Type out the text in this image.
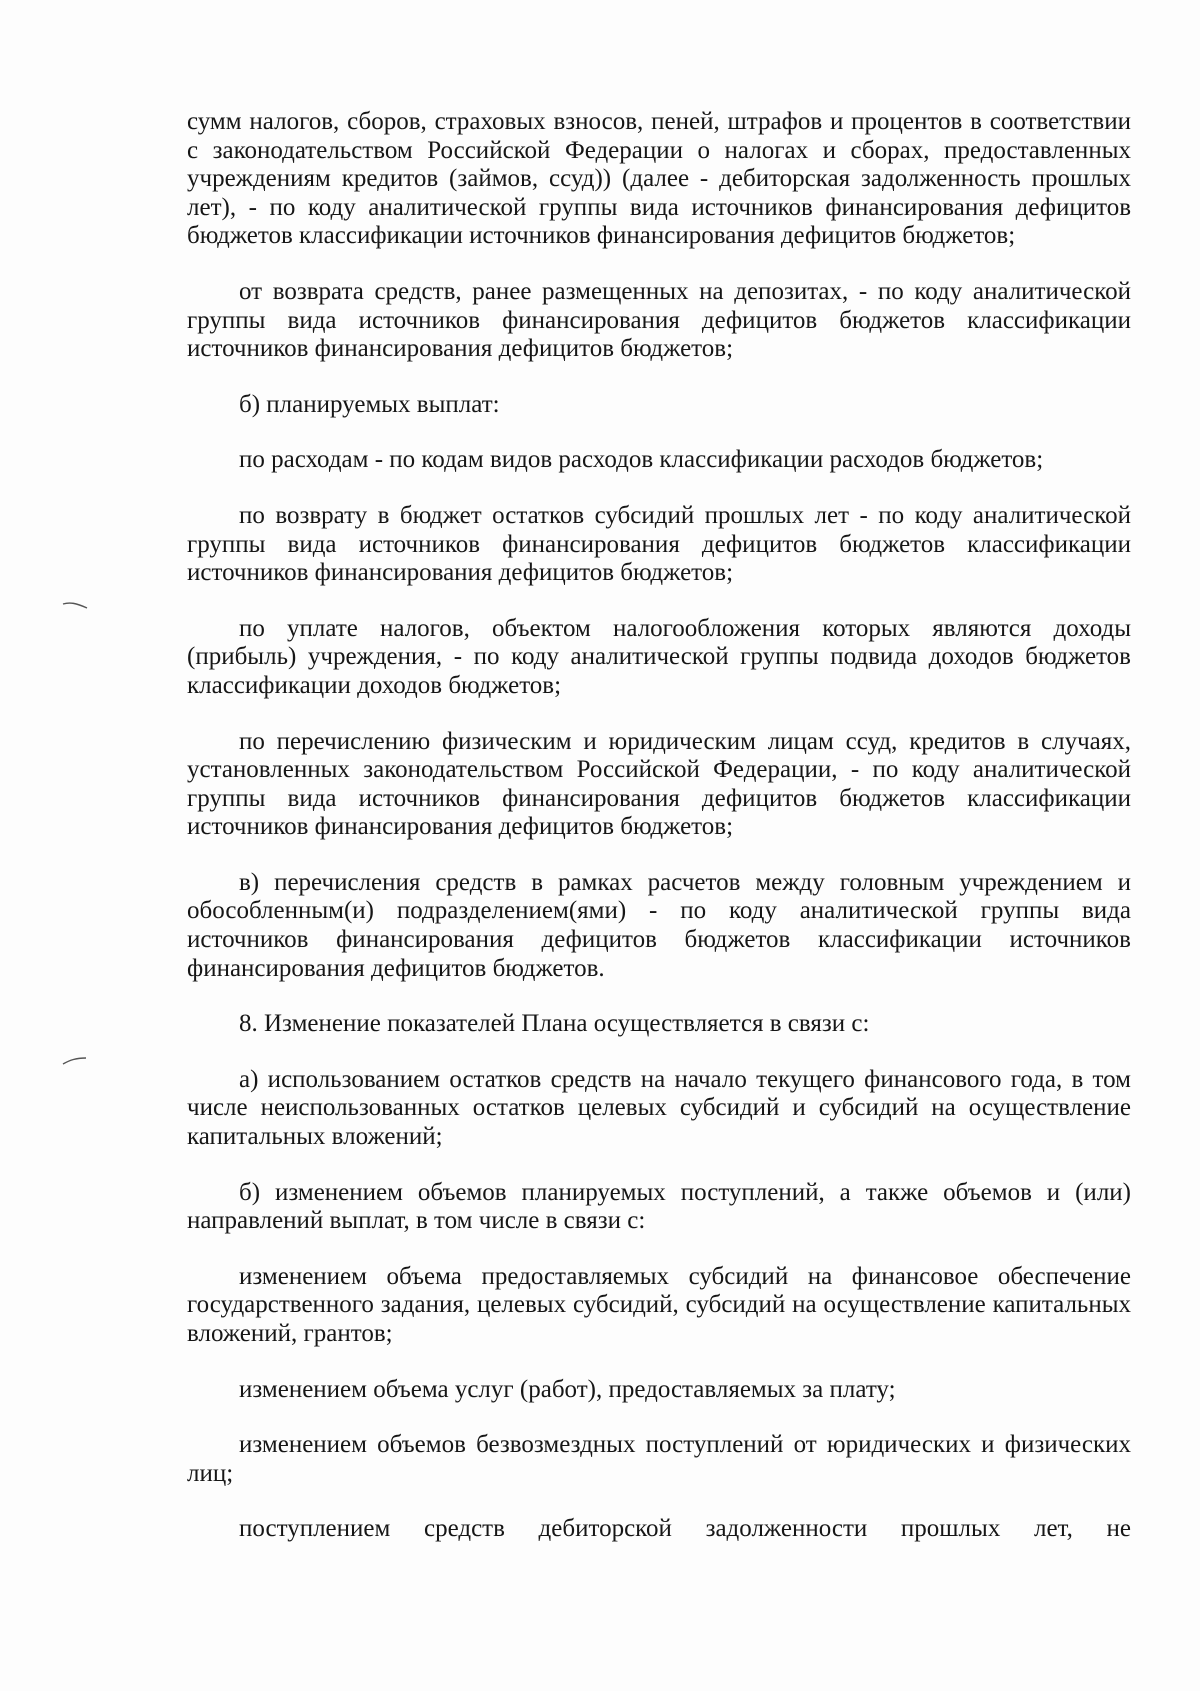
сумм налогов, сборов, страховых взносов, пеней, штрафов и процентов в соответствии с законодательством Российской Федерации о налогах и сборах, предоставленных учреждениям кредитов (займов, ссуд)) (далее - дебиторская задолженность прошлых лет), - по коду аналитической группы вида источников финансирования дефицитов бюджетов классификации источников финансирования дефицитов бюджетов;

от возврата средств, ранее размещенных на депозитах, - по коду аналитической группы вида источников финансирования дефицитов бюджетов классификации источников финансирования дефицитов бюджетов;

б) планируемых выплат:

по расходам - по кодам видов расходов классификации расходов бюджетов;

по возврату в бюджет остатков субсидий прошлых лет - по коду аналитической группы вида источников финансирования дефицитов бюджетов классификации источников финансирования дефицитов бюджетов;

по уплате налогов, объектом налогообложения которых являются доходы (прибыль) учреждения, - по коду аналитической группы подвида доходов бюджетов классификации доходов бюджетов;

по перечислению физическим и юридическим лицам ссуд, кредитов в случаях, установленных законодательством Российской Федерации, - по коду аналитической группы вида источников финансирования дефицитов бюджетов классификации источников финансирования дефицитов бюджетов;

в) перечисления средств в рамках расчетов между головным учреждением и обособленным(и) подразделением(ями) - по коду аналитической группы вида источников финансирования дефицитов бюджетов классификации источников финансирования дефицитов бюджетов.

8. Изменение показателей Плана осуществляется в связи с:

а) использованием остатков средств на начало текущего финансового года, в том числе неиспользованных остатков целевых субсидий и субсидий на осуществление капитальных вложений;

б) изменением объемов планируемых поступлений, а также объемов и (или) направлений выплат, в том числе в связи с:

изменением объема предоставляемых субсидий на финансовое обеспечение государственного задания, целевых субсидий, субсидий на осуществление капитальных вложений, грантов;

изменением объема услуг (работ), предоставляемых за плату;

изменением объемов безвозмездных поступлений от юридических и физических лиц;

поступлением средств дебиторской задолженности прошлых лет, не
